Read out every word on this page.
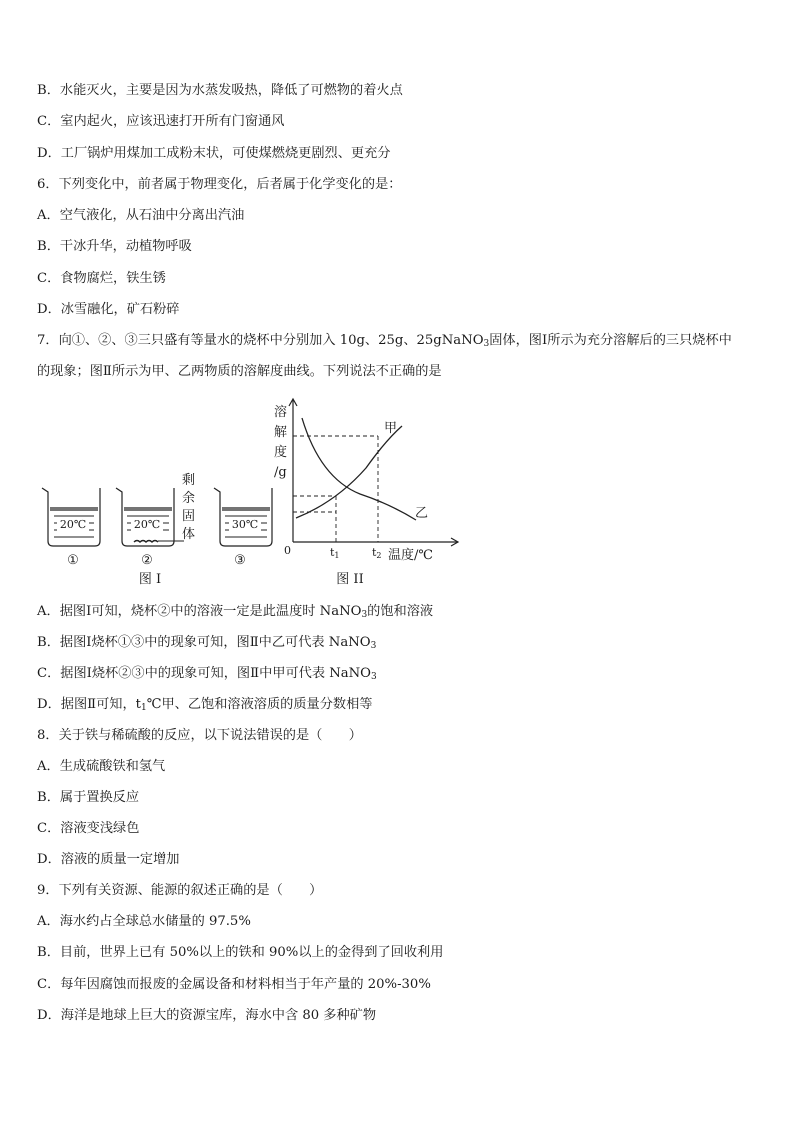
B．水能灭火，主要是因为水蒸发吸热，降低了可燃物的着火点
C．室内起火，应该迅速打开所有门窗通风
D．工厂锅炉用煤加工成粉末状，可使煤燃烧更剧烈、更充分
6．下列变化中，前者属于物理变化，后者属于化学变化的是：
A．空气液化，从石油中分离出汽油
B．干冰升华，动植物呼吸
C．食物腐烂，铁生锈
D．冰雪融化，矿石粉碎
7．向①、②、③三只盛有等量水的烧杯中分别加入 10g、25g、25gNaNO$_3$固体，图Ⅰ所示为充分溶解后的三只烧杯中
的现象；图Ⅱ所示为甲、乙两物质的溶解度曲线。下列说法不正确的是
20℃
①
20℃
②
剩
余
固
体
30℃
③
图 I
溶
解
度
/g
甲
乙
0	t1	t2 温度/℃
图 II
A．据图Ⅰ可知，烧杯②中的溶液一定是此温度时 NaNO$_3$的饱和溶液
B．据图Ⅰ烧杯①③中的现象可知，图Ⅱ中乙可代表 NaNO$_3$
C．据图Ⅰ烧杯②③中的现象可知，图Ⅱ中甲可代表 NaNO$_3$
D．据图Ⅱ可知，$t_1℃$甲、乙饱和溶液溶质的质量分数相等
8．关于铁与稀硫酸的反应，以下说法错误的是（　　）
A．生成硫酸铁和氢气
B．属于置换反应
C．溶液变浅绿色
D．溶液的质量一定增加
9．下列有关资源、能源的叙述正确的是（　　）
A．海水约占全球总水储量的 97.5%
B．目前，世界上已有 50%以上的铁和 90%以上的金得到了回收利用
C．每年因腐蚀而报废的金属设备和材料相当于年产量的 20%-30%
D．海洋是地球上巨大的资源宝库，海水中含 80 多种矿物
